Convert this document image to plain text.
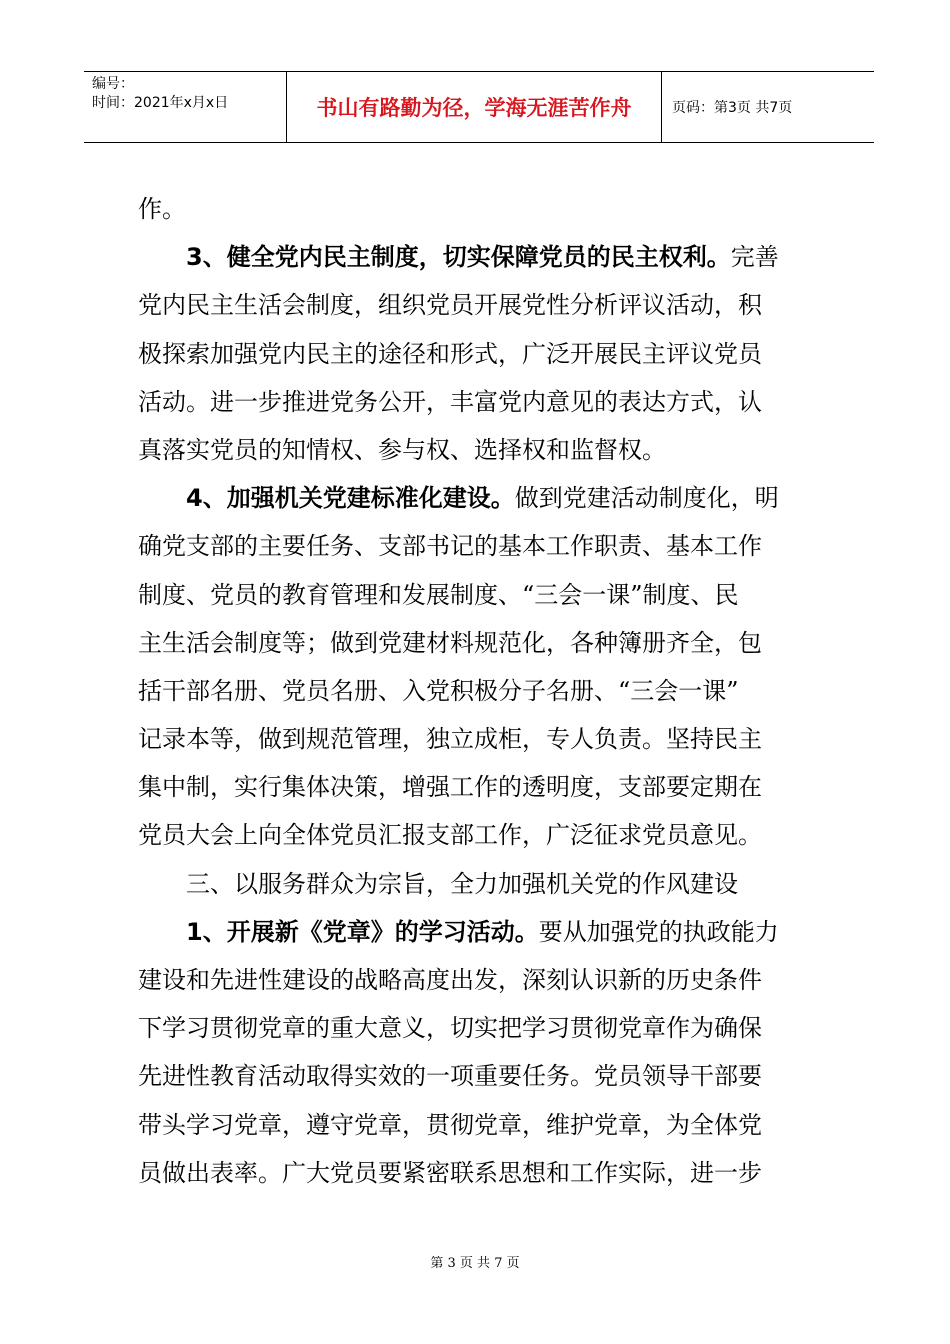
编号：
时间：2021年x月x日	书山有路勤为径，学海无涯苦作舟	页码：第3页 共7页
作。
3、健全党内民主制度，切实保障党员的民主权利。完善
党内民主生活会制度，组织党员开展党性分析评议活动，积
极探索加强党内民主的途径和形式，广泛开展民主评议党员
活动。进一步推进党务公开，丰富党内意见的表达方式，认
真落实党员的知情权、参与权、选择权和监督权。
4、加强机关党建标准化建设。做到党建活动制度化，明
确党支部的主要任务、支部书记的基本工作职责、基本工作
制度、党员的教育管理和发展制度、“三会一课”制度、民
主生活会制度等；做到党建材料规范化，各种簿册齐全，包
括干部名册、党员名册、入党积极分子名册、“三会一课”
记录本等，做到规范管理，独立成柜，专人负责。坚持民主
集中制，实行集体决策，增强工作的透明度，支部要定期在
党员大会上向全体党员汇报支部工作，广泛征求党员意见。
三、以服务群众为宗旨，全力加强机关党的作风建设
1、开展新《党章》的学习活动。要从加强党的执政能力
建设和先进性建设的战略高度出发，深刻认识新的历史条件
下学习贯彻党章的重大意义，切实把学习贯彻党章作为确保
先进性教育活动取得实效的一项重要任务。党员领导干部要
带头学习党章，遵守党章，贯彻党章，维护党章，为全体党
员做出表率。广大党员要紧密联系思想和工作实际，进一步
第 3 页 共 7 页
